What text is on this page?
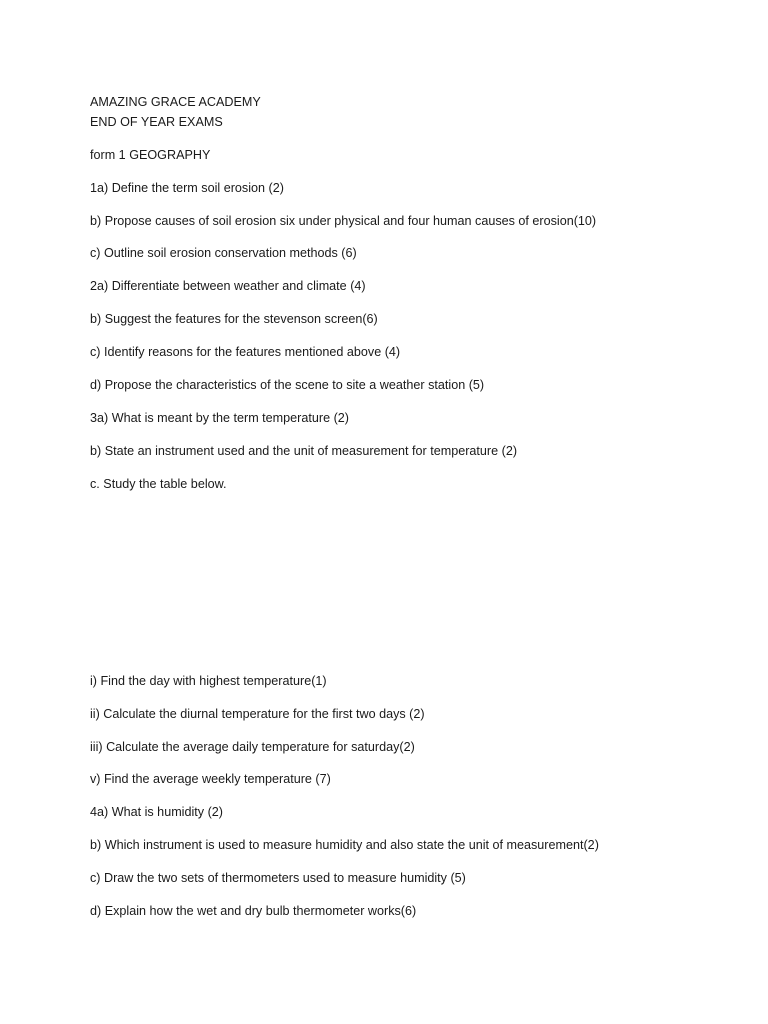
AMAZING GRACE ACADEMY
END OF YEAR EXAMS
form 1 GEOGRAPHY
1a) Define the term soil erosion (2)
b) Propose causes of soil erosion six under physical and four human causes of erosion(10)
c) Outline soil erosion conservation methods (6)
2a) Differentiate between weather and climate (4)
b) Suggest the features for the stevenson screen(6)
c) Identify reasons for the features mentioned above (4)
d) Propose the characteristics of the scene to site a weather station (5)
3a) What is meant by the term temperature (2)
b) State an instrument used and the unit of measurement for temperature (2)
c. Study the table below.
i) Find the day with highest temperature(1)
ii) Calculate the diurnal temperature for the first two days (2)
iii) Calculate the average daily temperature for saturday(2)
v) Find the average weekly temperature (7)
4a) What is humidity (2)
b) Which instrument is used to measure humidity and also state the unit of measurement(2)
c) Draw the two sets of thermometers used to measure humidity (5)
d) Explain how the wet and dry bulb thermometer works(6)
